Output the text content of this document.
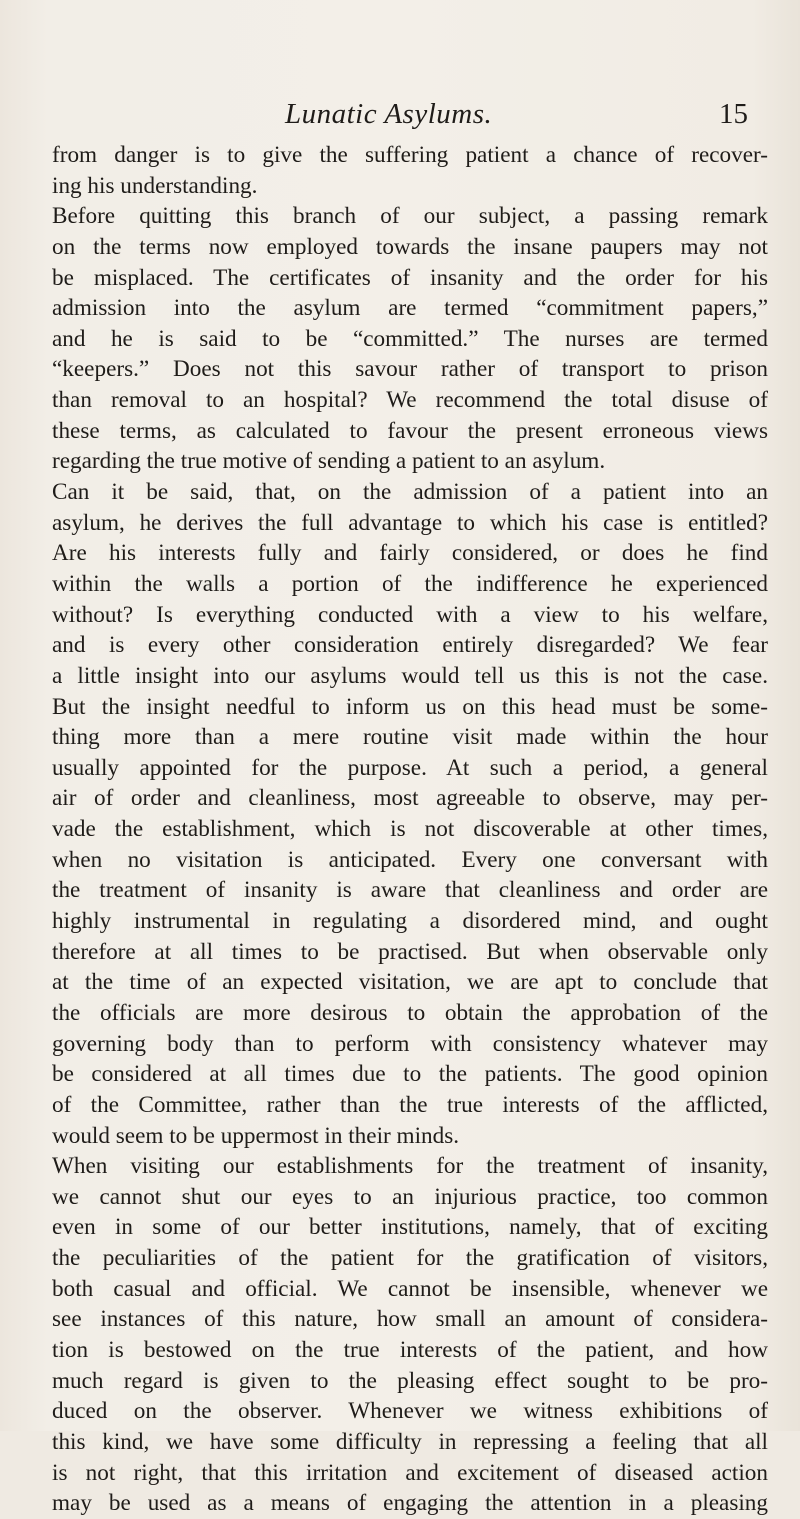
Lunatic Asylums.	15
from danger is to give the suffering patient a chance of recover-
ing his understanding.
Before quitting this branch of our subject, a passing remark
on the terms now employed towards the insane paupers may not
be misplaced. The certificates of insanity and the order for his
admission into the asylum are termed “commitment papers,”
and he is said to be “committed.” The nurses are termed
“keepers.” Does not this savour rather of transport to prison
than removal to an hospital? We recommend the total disuse of
these terms, as calculated to favour the present erroneous views
regarding the true motive of sending a patient to an asylum.
Can it be said, that, on the admission of a patient into an
asylum, he derives the full advantage to which his case is entitled?
Are his interests fully and fairly considered, or does he find
within the walls a portion of the indifference he experienced
without? Is everything conducted with a view to his welfare,
and is every other consideration entirely disregarded? We fear
a little insight into our asylums would tell us this is not the case.
But the insight needful to inform us on this head must be some-
thing more than a mere routine visit made within the hour
usually appointed for the purpose. At such a period, a general
air of order and cleanliness, most agreeable to observe, may per-
vade the establishment, which is not discoverable at other times,
when no visitation is anticipated. Every one conversant with
the treatment of insanity is aware that cleanliness and order are
highly instrumental in regulating a disordered mind, and ought
therefore at all times to be practised. But when observable only
at the time of an expected visitation, we are apt to conclude that
the officials are more desirous to obtain the approbation of the
governing body than to perform with consistency whatever may
be considered at all times due to the patients. The good opinion
of the Committee, rather than the true interests of the afflicted,
would seem to be uppermost in their minds.
When visiting our establishments for the treatment of insanity,
we cannot shut our eyes to an injurious practice, too common
even in some of our better institutions, namely, that of exciting
the peculiarities of the patient for the gratification of visitors,
both casual and official. We cannot be insensible, whenever we
see instances of this nature, how small an amount of considera-
tion is bestowed on the true interests of the patient, and how
much regard is given to the pleasing effect sought to be pro-
duced on the observer. Whenever we witness exhibitions of
this kind, we have some difficulty in repressing a feeling that all
is not right, that this irritation and excitement of diseased action
may be used as a means of engaging the attention in a pleasing
